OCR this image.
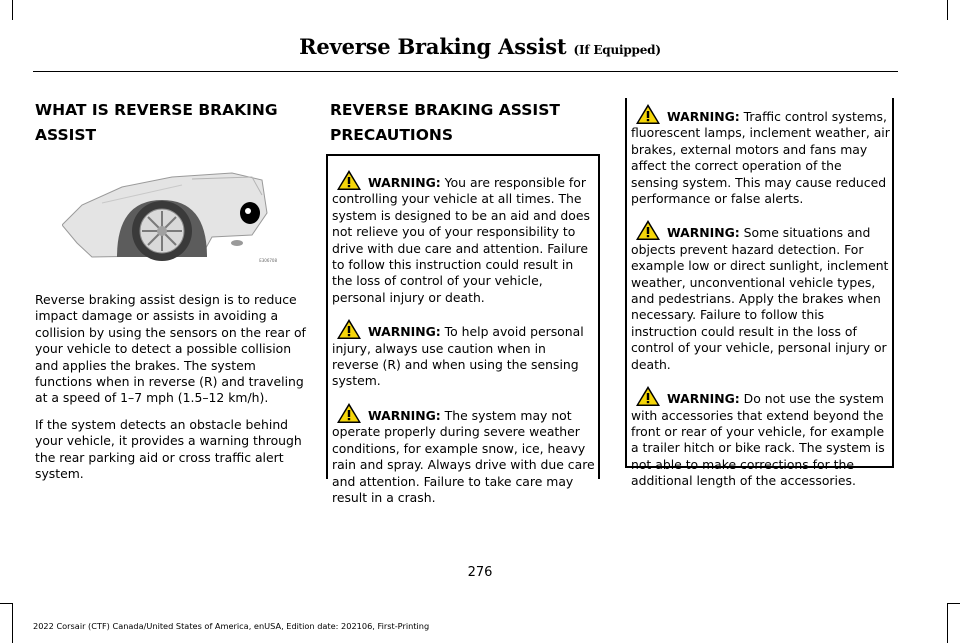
Reverse Braking Assist (If Equipped)
WHAT IS REVERSE BRAKING
ASSIST
E306708

Reverse braking assist design is to reduce impact damage or assists in avoiding a collision by using the sensors on the rear of your vehicle to detect a possible collision and applies the brakes. The system functions when in reverse (R) and traveling at a speed of 1–7 mph (1.5–12 km/h).

If the system detects an obstacle behind your vehicle, it provides a warning through the rear parking aid or cross traffic alert system.

REVERSE BRAKING ASSIST
PRECAUTIONS

WARNING: You are responsible for controlling your vehicle at all times. The system is designed to be an aid and does not relieve you of your responsibility to drive with due care and attention. Failure to follow this instruction could result in the loss of control of your vehicle, personal injury or death.

WARNING: To help avoid personal injury, always use caution when in reverse (R) and when using the sensing system.

WARNING: The system may not operate properly during severe weather conditions, for example snow, ice, heavy rain and spray. Always drive with due care and attention. Failure to take care may result in a crash.

WARNING: Traffic control systems, fluorescent lamps, inclement weather, air brakes, external motors and fans may affect the correct operation of the sensing system. This may cause reduced performance or false alerts.

WARNING: Some situations and objects prevent hazard detection. For example low or direct sunlight, inclement weather, unconventional vehicle types, and pedestrians. Apply the brakes when necessary. Failure to follow this instruction could result in the loss of control of your vehicle, personal injury or death.

WARNING: Do not use the system with accessories that extend beyond the front or rear of your vehicle, for example a trailer hitch or bike rack. The system is not able to make corrections for the additional length of the accessories.

276
2022 Corsair (CTF) Canada/United States of America, enUSA, Edition date: 202106, First-Printing
